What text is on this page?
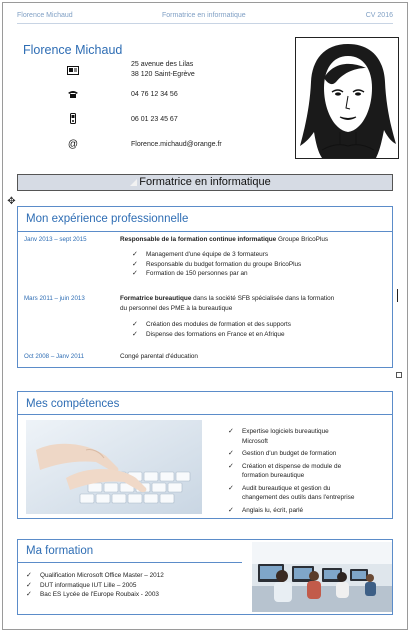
Florence Michaud	Formatrice en informatique	CV 2016
Florence Michaud
25 avenue des Lilas
38 120 Saint-Egrève
04 76 12 34 56
06 01 23 45 67
@	Florence.michaud@orange.fr
Formatrice en informatique
✥
Mon expérience professionnelle
Janv 2013 – sept 2015	Responsable de la formation continue informatique Groupe BricoPlus
✓ Management d'une équipe de 3 formateurs
✓ Responsable du budget formation du groupe BricoPlus
✓ Formation de 150 personnes par an
Mars 2011 – juin 2013	Formatrice bureautique dans la société SFB spécialisée dans la formation
du personnel des PME à la bureautique
✓ Création des modules de formation et des supports
✓ Dispense des formations en France et en Afrique
Oct 2008 – Janv 2011	Congé parental d'éducation
Mes compétences
✓ Expertise logiciels bureautique
Microsoft
✓ Gestion d'un budget de formation
✓ Création et dispense de module de
formation bureautique
✓ Audit bureautique et gestion du
changement des outils dans l'entreprise
✓ Anglais lu, écrit, parlé
Ma formation
✓ Qualification Microsoft Office Master – 2012
✓ DUT informatique IUT Lille – 2005
✓ Bac ES Lycée de l'Europe Roubaix - 2003
